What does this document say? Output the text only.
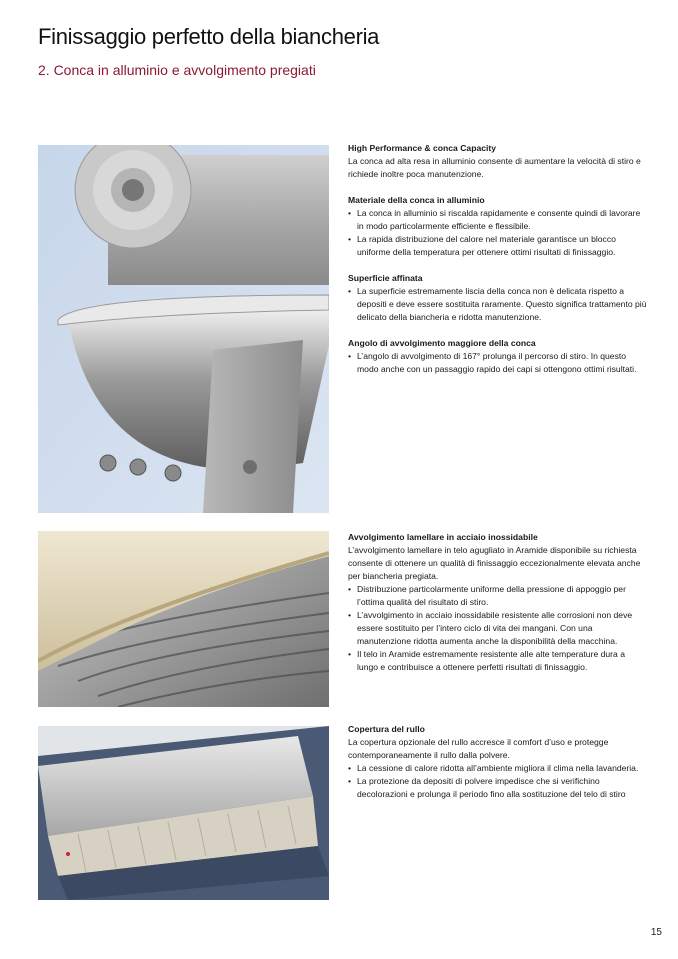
Finissaggio perfetto della biancheria
2. Conca in alluminio e avvolgimento pregiati

High Performance & conca Capacity

La conca ad alta resa in alluminio consente di aumentare la velocità di stiro e richiede inoltre poca manutenzione.

Materiale della conca in alluminio

• La conca in alluminio si riscalda rapidamente e consente quindi di lavorare in modo particolarmente efficiente e flessibile.
• La rapida distribuzione del calore nel materiale garantisce un blocco uniforme della temperatura per ottenere ottimi risultati di finissaggio.

Superficie affinata

• La superficie estremamente liscia della conca non è delicata rispetto a depositi e deve essere sostituita raramente. Questo significa trattamento più delicato della biancheria e ridotta manutenzione.

Angolo di avvolgimento maggiore della conca

• L’angolo di avvolgimento di 167° prolunga il percorso di stiro. In questo modo anche con un passaggio rapido dei capi si ottengono ottimi risultati.

Avvolgimento lamellare in acciaio inossidabile

L’avvolgimento lamellare in telo agugliato in Aramide disponibile su richiesta consente di ottenere un qualità di finissaggio eccezionalmente elevata anche per biancheria pregiata.

• Distribuzione particolarmente uniforme della pressione di appoggio per l’ottima qualità del risultato di stiro.
• L’avvolgimento in acciaio inossidabile resistente alle corrosioni non deve essere sostituito per l’intero ciclo di vita dei mangani. Con una manutenzione ridotta aumenta anche la disponibilità della macchina.
• Il telo in Aramide estremamente resistente alle alte temperature dura a lungo e contribuisce a ottenere perfetti risultati di finissaggio.

Copertura del rullo

La copertura opzionale del rullo accresce il comfort d’uso e protegge contemporaneamente il rullo dalla polvere.

• La cessione di calore ridotta all’ambiente migliora il clima nella lavanderia.
• La protezione da depositi di polvere impedisce che si verifichino decolorazioni e prolunga il periodo fino alla sostituzione del telo di stiro
15
